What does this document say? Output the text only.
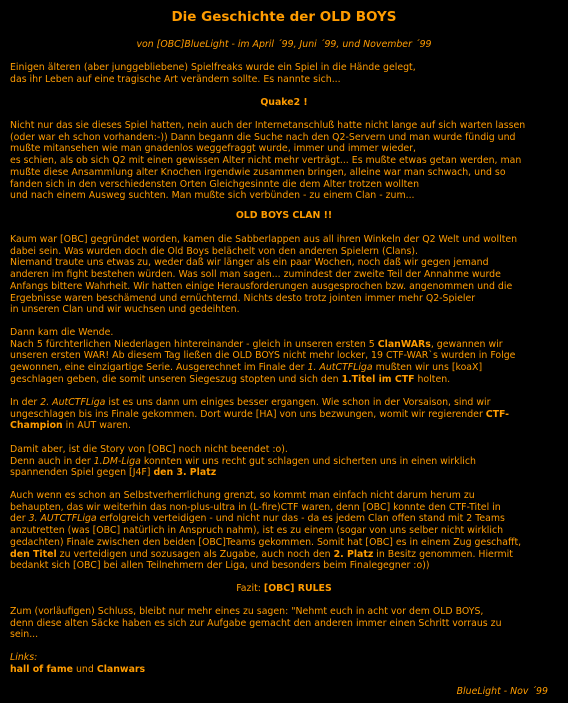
Die Geschichte der OLD BOYS
von [OBC]BlueLight - im April ´99, Juni ´99, und November ´99
Einigen älteren (aber junggebliebene) Spielfreaks wurde ein Spiel in die Hände gelegt,
das ihr Leben auf eine tragische Art verändern sollte. Es nannte sich...
Quake2 !
Nicht nur das sie dieses Spiel hatten, nein auch der Internetanschluß hatte nicht lange auf sich warten lassen
(oder war eh schon vorhanden:-)) Dann begann die Suche nach den Q2-Servern und man wurde fündig und
mußte mitansehen wie man gnadenlos weggefraggt wurde, immer und immer wieder,
es schien, als ob sich Q2 mit einen gewissen Alter nicht mehr verträgt... Es mußte etwas getan werden, man
mußte diese Ansammlung alter Knochen irgendwie zusammen bringen, alleine war man schwach, und so
fanden sich in den verschiedensten Orten Gleichgesinnte die dem Alter trotzen wollten
und nach einem Ausweg suchten. Man mußte sich verbünden - zu einem Clan - zum...
OLD BOYS CLAN !!
Kaum war [OBC] gegründet worden, kamen die Sabberlappen aus all ihren Winkeln der Q2 Welt und wollten
dabei sein. Was wurden doch die Old Boys belächelt von den anderen Spielern (Clans).
Niemand traute uns etwas zu, weder daß wir länger als ein paar Wochen, noch daß wir gegen jemand
anderen im fight bestehen würden. Was soll man sagen... zumindest der zweite Teil der Annahme wurde
Anfangs bittere Wahrheit. Wir hatten einige Herausforderungen ausgesprochen bzw. angenommen und die
Ergebnisse waren beschämend und ernüchternd. Nichts desto trotz jointen immer mehr Q2-Spieler
in unseren Clan und wir wuchsen und gedeihten.
Dann kam die Wende.
Nach 5 fürchterlichen Niederlagen hintereinander - gleich in unseren ersten 5 ClanWARs, gewannen wir
unseren ersten WAR! Ab diesem Tag ließen die OLD BOYS nicht mehr locker, 19 CTF-WAR`s wurden in Folge
gewonnen, eine einzigartige Serie. Ausgerechnet im Finale der 1. AutCTFLiga mußten wir uns [koaX]
geschlagen geben, die somit unseren Siegeszug stopten und sich den 1.Titel im CTF holten.
In der 2. AutCTFLiga ist es uns dann um einiges besser ergangen. Wie schon in der Vorsaison, sind wir
ungeschlagen bis ins Finale gekommen. Dort wurde [HA] von uns bezwungen, womit wir regierender CTF-
Champion in AUT waren.
Damit aber, ist die Story von [OBC] noch nicht beendet :o).
Denn auch in der 1.DM-Liga konnten wir uns recht gut schlagen und sicherten uns in einen wirklich
spannenden Spiel gegen [J4F] den 3. Platz
Auch wenn es schon an Selbstverherrlichung grenzt, so kommt man einfach nicht darum herum zu
behaupten, das wir weiterhin das non-plus-ultra in (L-fire)CTF waren, denn [OBC] konnte den CTF-Titel in
der 3. AUTCTFLiga erfolgreich verteidigen - und nicht nur das - da es jedem Clan offen stand mit 2 Teams
anzutretten (was [OBC] natürlich in Anspruch nahm), ist es zu einem (sogar von uns selber nicht wirklich
gedachten) Finale zwischen den beiden [OBC]Teams gekommen. Somit hat [OBC] es in einem Zug geschafft,
den Titel zu verteidigen und sozusagen als Zugabe, auch noch den 2. Platz in Besitz genommen. Hiermit
bedankt sich [OBC] bei allen Teilnehmern der Liga, und besonders beim Finalegegner :o))
Fazit: [OBC] RULES
Zum (vorläufigen) Schluss, bleibt nur mehr eines zu sagen: "Nehmt euch in acht vor dem OLD BOYS,
denn diese alten Säcke haben es sich zur Aufgabe gemacht den anderen immer einen Schritt vorraus zu
sein...
Links:
hall of fame und Clanwars
BlueLight - Nov ´99
